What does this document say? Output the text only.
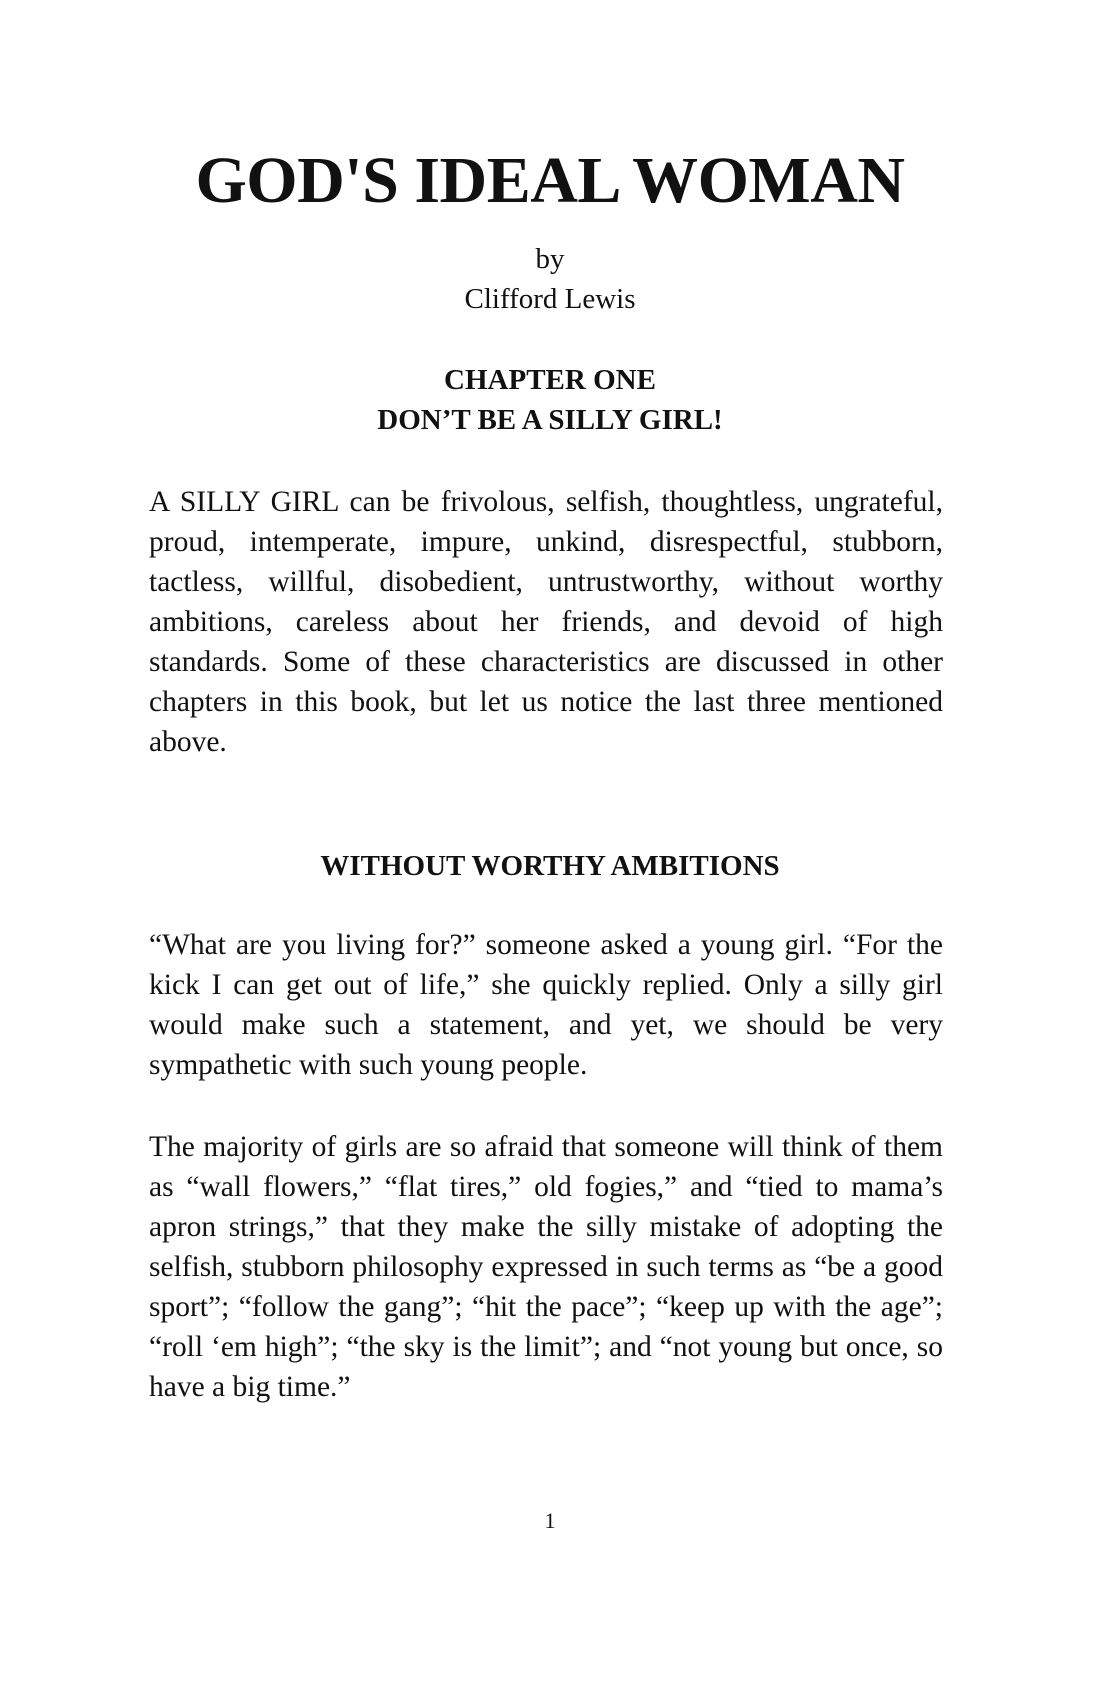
GOD'S IDEAL WOMAN
by
Clifford Lewis
CHAPTER ONE
DON’T BE A SILLY GIRL!

A SILLY GIRL can be frivolous, selfish, thoughtless, ungrateful, proud, intemperate, impure, unkind, disrespectful, stubborn, tactless, willful, disobedient, untrustworthy, without worthy ambitions, careless about her friends, and devoid of high standards. Some of these characteristics are discussed in other chapters in this book, but let us notice the last three mentioned above.

WITHOUT WORTHY AMBITIONS

“What are you living for?” someone asked a young girl. “For the kick I can get out of life,” she quickly replied. Only a silly girl would make such a statement, and yet, we should be very sympathetic with such young people.

The majority of girls are so afraid that someone will think of them as “wall flowers,” “flat tires,” old fogies,” and “tied to mama’s apron strings,” that they make the silly mistake of adopting the selfish, stubborn philosophy expressed in such terms as “be a good sport”; “follow the gang”; “hit the pace”; “keep up with the age”; “roll ‘em high”; “the sky is the limit”; and “not young but once, so have a big time.”

1
